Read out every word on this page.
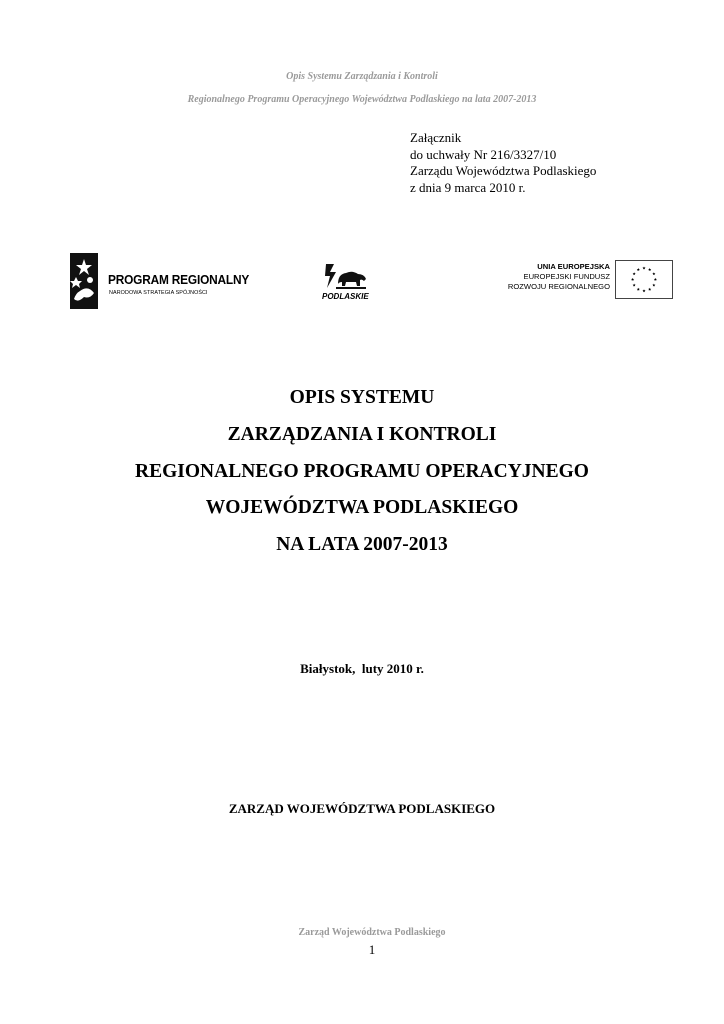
Opis Systemu Zarządzania i Kontroli
Regionalnego Programu Operacyjnego Województwa Podlaskiego na lata 2007-2013
Załącznik
do uchwały Nr 216/3327/10
Zarządu Województwa Podlaskiego
z dnia 9 marca 2010 r.
PROGRAM REGIONALNY
NARODOWA STRATEGIA SPÓJNOŚCI	PODLASKIE
UNIA EUROPEJSKA
EUROPEJSKI FUNDUSZ
ROZWOJU REGIONALNEGO
OPIS SYSTEMU
ZARZĄDZANIA I KONTROLI
REGIONALNEGO PROGRAMU OPERACYJNEGO
WOJEWÓDZTWA PODLASKIEGO
NA LATA 2007-2013
Białystok,  luty 2010 r.
ZARZĄD WOJEWÓDZTWA PODLASKIEGO
Zarząd Województwa Podlaskiego
1
